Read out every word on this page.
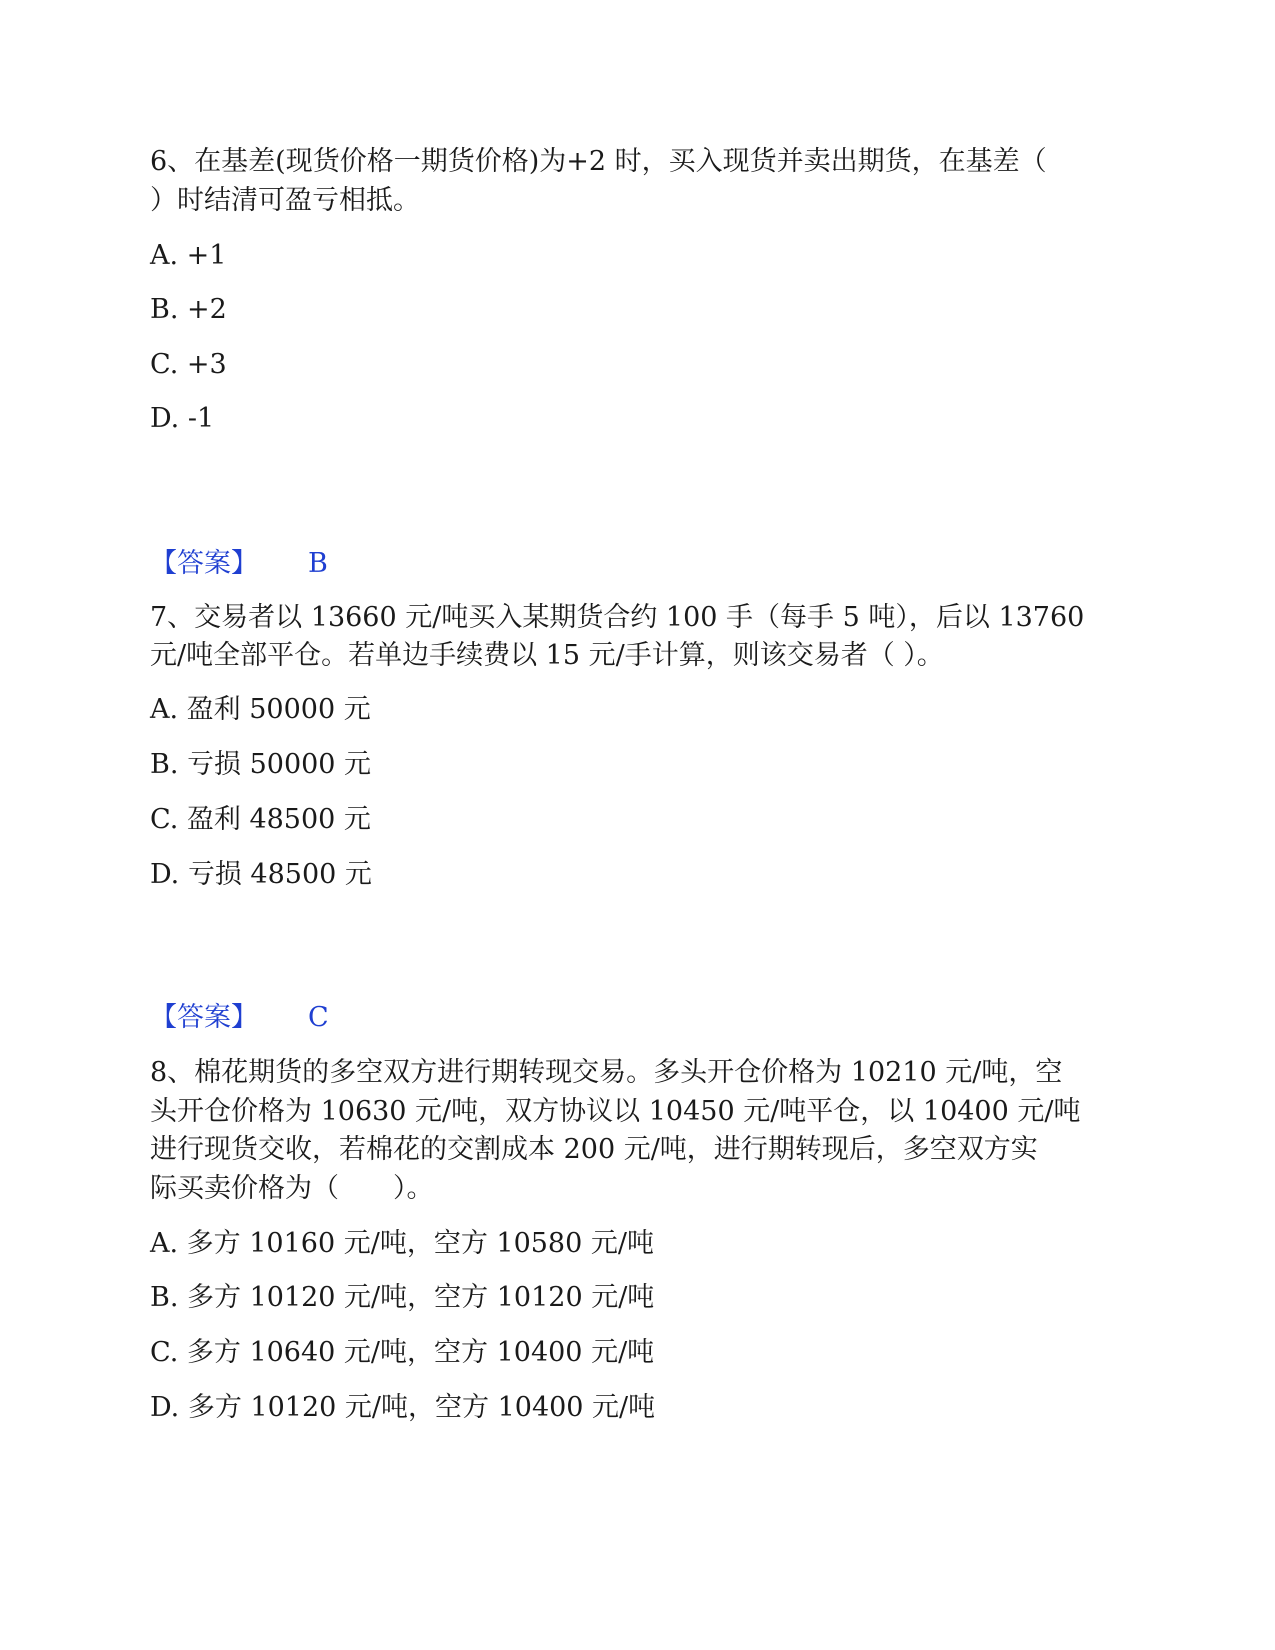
6、在基差(现货价格一期货价格)为+2 时，买入现货并卖出期货，在基差（
）时结清可盈亏相抵。
A. +1
B. +2
C. +3
D. -1
【答案】 B
7、交易者以 13660 元/吨买入某期货合约 100 手（每手 5 吨），后以 13760
元/吨全部平仓。若单边手续费以 15 元/手计算，则该交易者（ ）。
A. 盈利 50000 元
B. 亏损 50000 元
C. 盈利 48500 元
D. 亏损 48500 元
【答案】 C
8、棉花期货的多空双方进行期转现交易。多头开仓价格为 10210 元/吨，空
头开仓价格为 10630 元/吨，双方协议以 10450 元/吨平仓，以 10400 元/吨
进行现货交收，若棉花的交割成本 200 元/吨，进行期转现后，多空双方实
际买卖价格为（　　）。
A. 多方 10160 元/吨，空方 10580 元/吨
B. 多方 10120 元/吨，空方 10120 元/吨
C. 多方 10640 元/吨，空方 10400 元/吨
D. 多方 10120 元/吨，空方 10400 元/吨
